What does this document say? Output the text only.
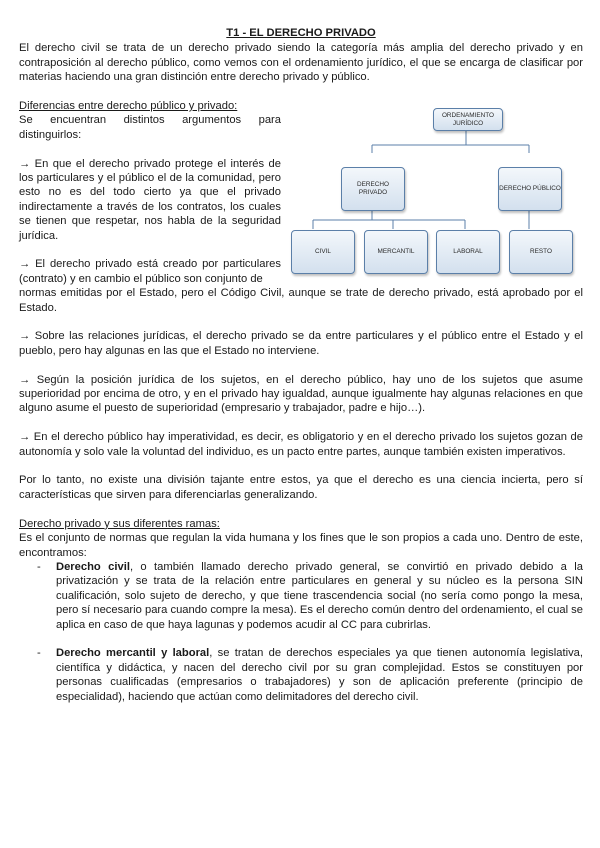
T1 - EL DERECHO PRIVADO

El derecho civil se trata de un derecho privado siendo la categoría más amplia del derecho privado y en contraposición al derecho público, como vemos con el ordenamiento jurídico, el que se encarga de clasificar por materias haciendo una gran distinción entre derecho privado y público.

Diferencias entre derecho público y privado:

Se encuentran distintos argumentos para distinguirlos:

→ En que el derecho privado protege el interés de los particulares y el público el de la comunidad, pero esto no es del todo cierto ya que el privado indirectamente a través de los contratos, los cuales se tienen que respetar, nos habla de la seguridad jurídica.

→ El derecho privado está creado por particulares (contrato) y en cambio el público son conjunto de

normas emitidas por el Estado, pero el Código Civil, aunque se trate de derecho privado, está aprobado por el Estado.

→ Sobre las relaciones jurídicas, el derecho privado se da entre particulares y el público entre el Estado y el pueblo, pero hay algunas en las que el Estado no interviene.

→ Según la posición jurídica de los sujetos, en el derecho público, hay uno de los sujetos que asume superioridad por encima de otro, y en el privado hay igualdad, aunque igualmente hay algunas relaciones en que alguno asume el puesto de superioridad (empresario y trabajador, padre e hijo…).

→ En el derecho público hay imperatividad, es decir, es obligatorio y en el derecho privado los sujetos gozan de autonomía y solo vale la voluntad del individuo, es un pacto entre partes, aunque también existen imperativos.

Por lo tanto, no existe una división tajante entre estos, ya que el derecho es una ciencia incierta, pero sí características que sirven para diferenciarlas generalizando.

Derecho privado y sus diferentes ramas:

Es el conjunto de normas que regulan la vida humana y los fines que le son propios a cada uno. Dentro de este, encontramos:

- Derecho civil, o también llamado derecho privado general, se convirtió en privado debido a la privatización y se trata de la relación entre particulares en general y su núcleo es la persona SIN cualificación, solo sujeto de derecho, y que tiene trascendencia social (no sería como pongo la mesa, pero sí necesario para cuando compre la mesa). Es el derecho común dentro del ordenamiento, el cual se aplica en caso de que haya lagunas y podemos acudir al CC para cubrirlas.
- Derecho mercantil y laboral, se tratan de derechos especiales ya que tienen autonomía legislativa, científica y didáctica, y nacen del derecho civil por su gran complejidad. Estos se constituyen por personas cualificadas (empresarios o trabajadores) y son de aplicación preferente (principio de especialidad), haciendo que actúan como delimitadores del derecho civil.
ORDENAMIENTO JURÍDICO
DERECHO PRIVADO
DERECHO PÚBLICO
CIVIL	MERCANTIL	LABORAL	RESTO
